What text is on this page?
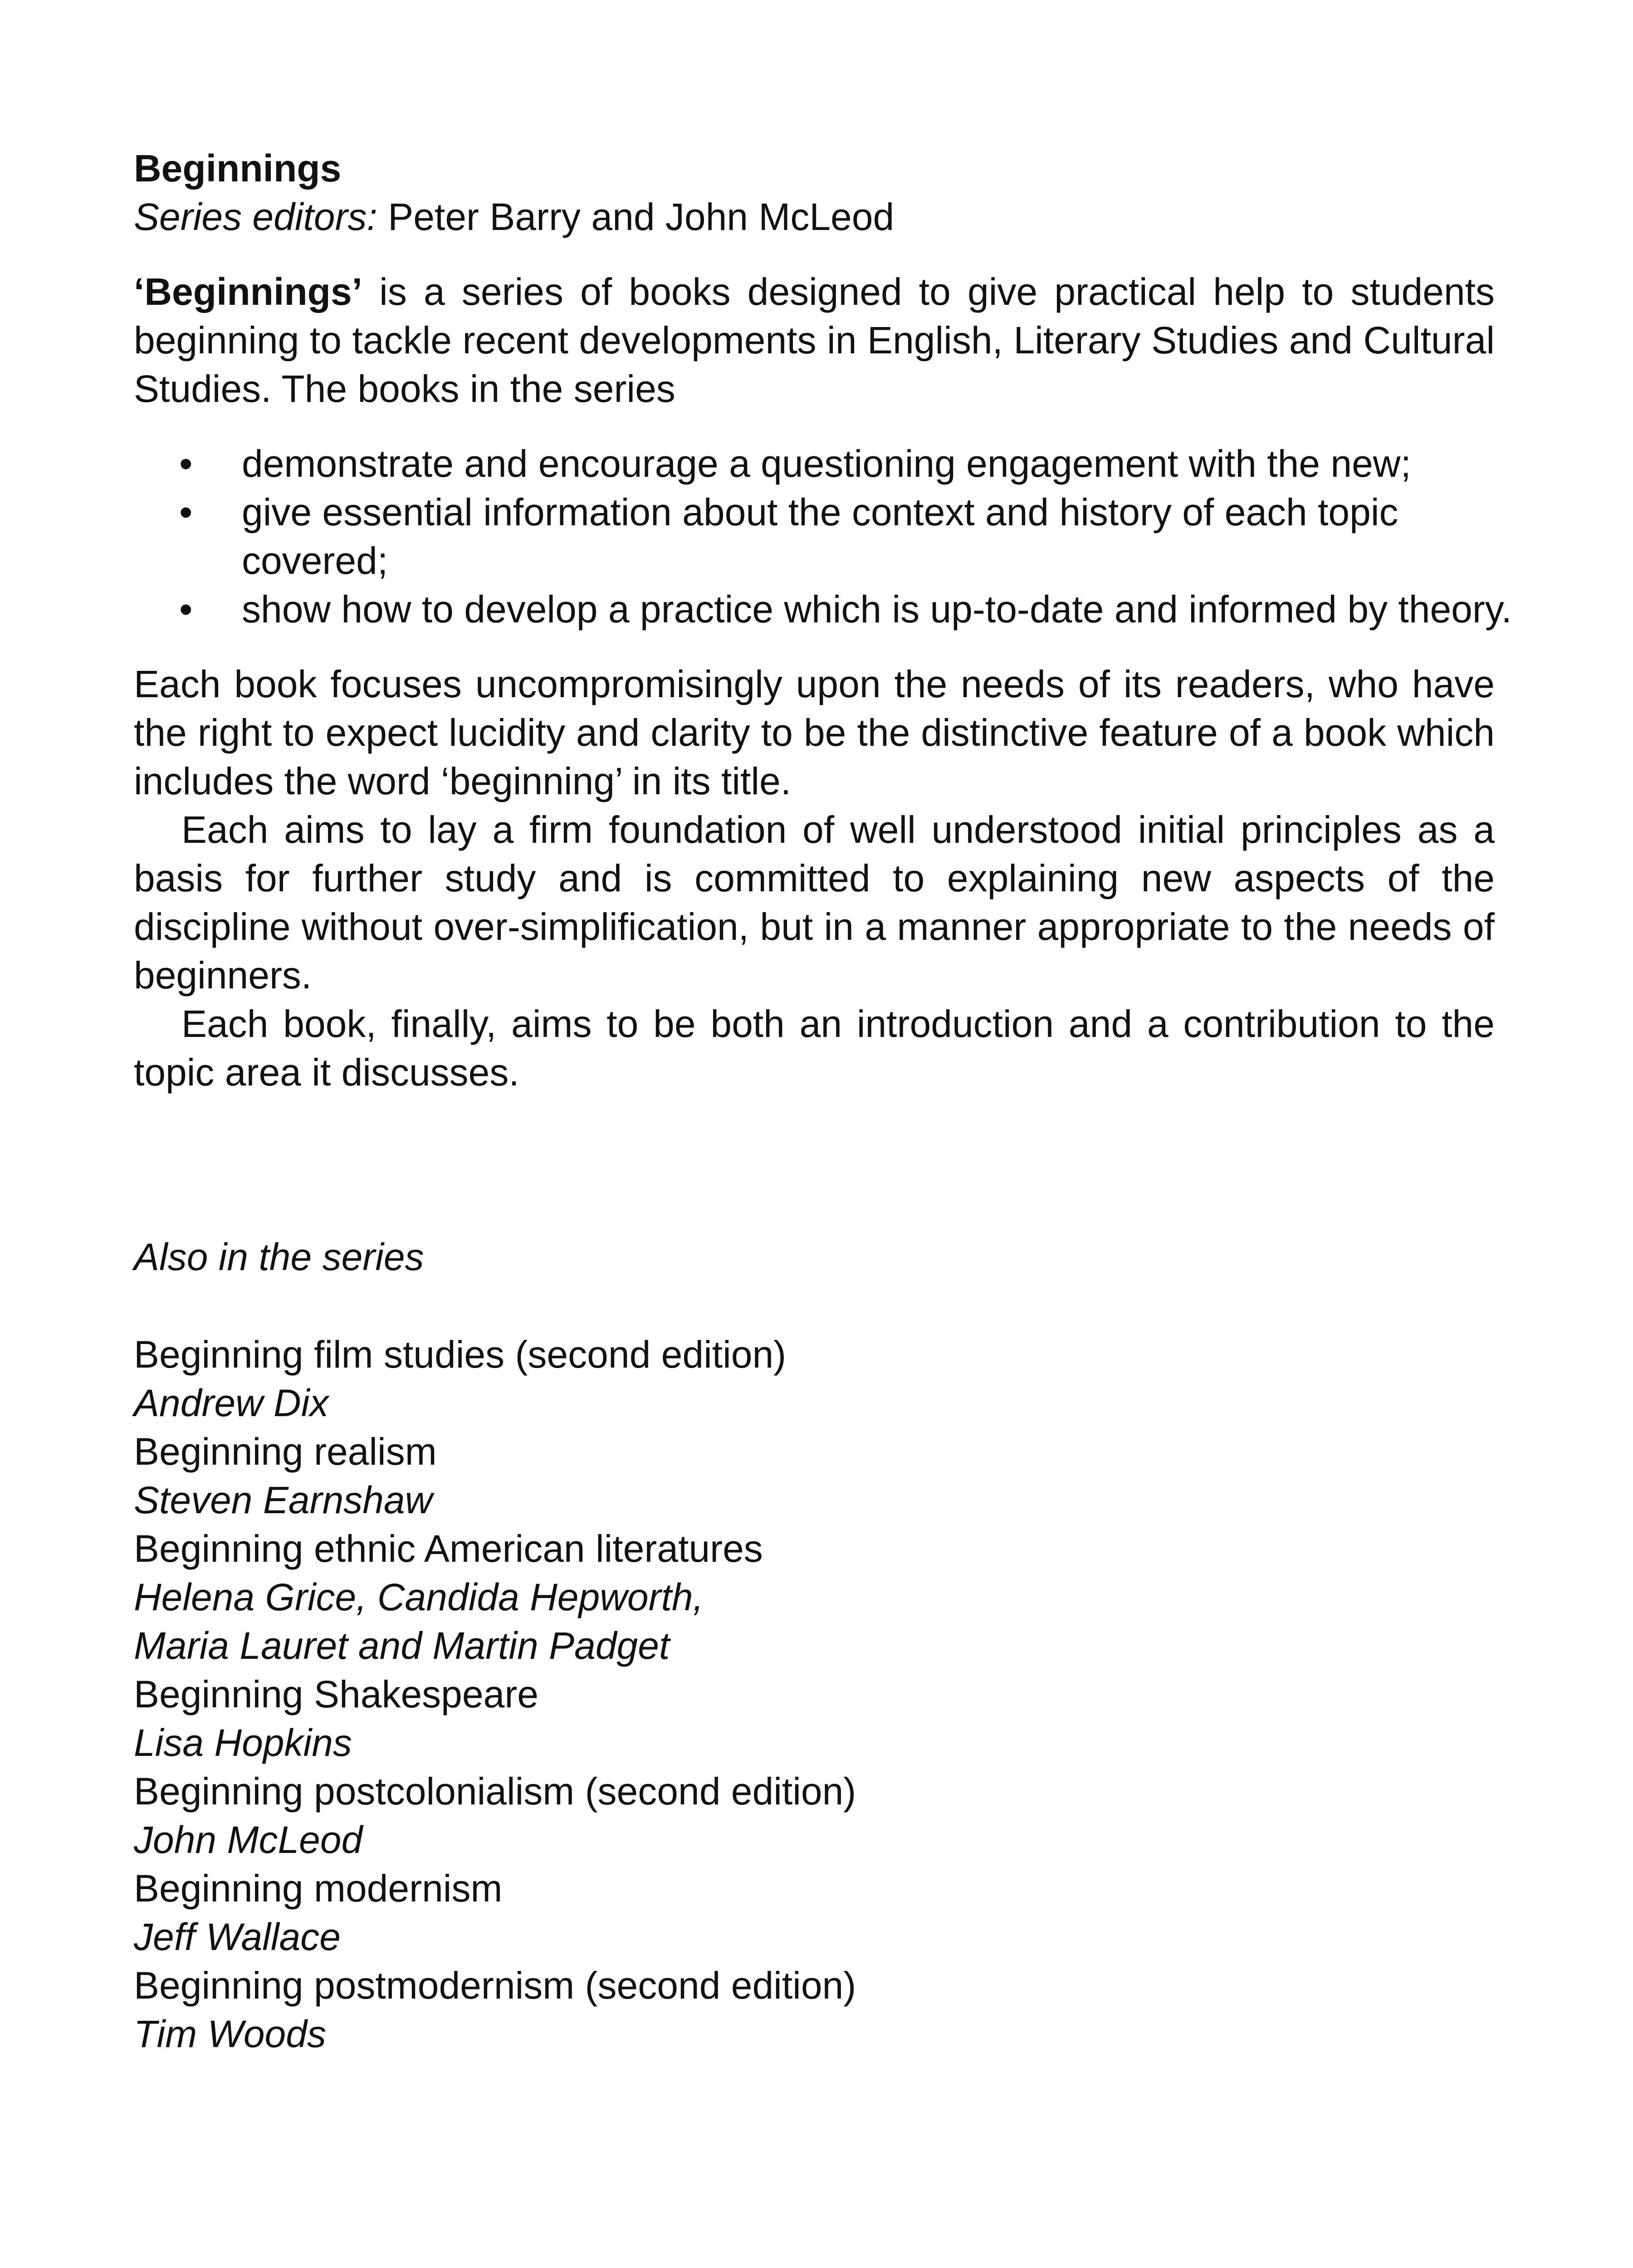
Beginnings

Series editors: Peter Barry and John McLeod

‘Beginnings’ is a series of books designed to give practical help to students beginning to tackle recent developments in English, Literary Studies and Cultural Studies. The books in the series

• demonstrate and encourage a questioning engagement with the new;
• give essential information about the context and history of each topic covered;
• show how to develop a practice which is up-to-date and informed by theory.

Each book focuses uncompromisingly upon the needs of its readers, who have the right to expect lucidity and clarity to be the distinctive feature of a book which includes the word ‘beginning’ in its title.

Each aims to lay a firm foundation of well understood initial principles as a basis for further study and is committed to explaining new aspects of the discipline without over-simplification, but in a manner appropriate to the needs of beginners.

Each book, finally, aims to be both an introduction and a contribution to the topic area it discusses.

Also in the series

Beginning film studies (second edition)
Andrew Dix
Beginning realism
Steven Earnshaw
Beginning ethnic American literatures
Helena Grice, Candida Hepworth,
Maria Lauret and Martin Padget
Beginning Shakespeare
Lisa Hopkins
Beginning postcolonialism (second edition)
John McLeod
Beginning modernism
Jeff Wallace
Beginning postmodernism (second edition)
Tim Woods
